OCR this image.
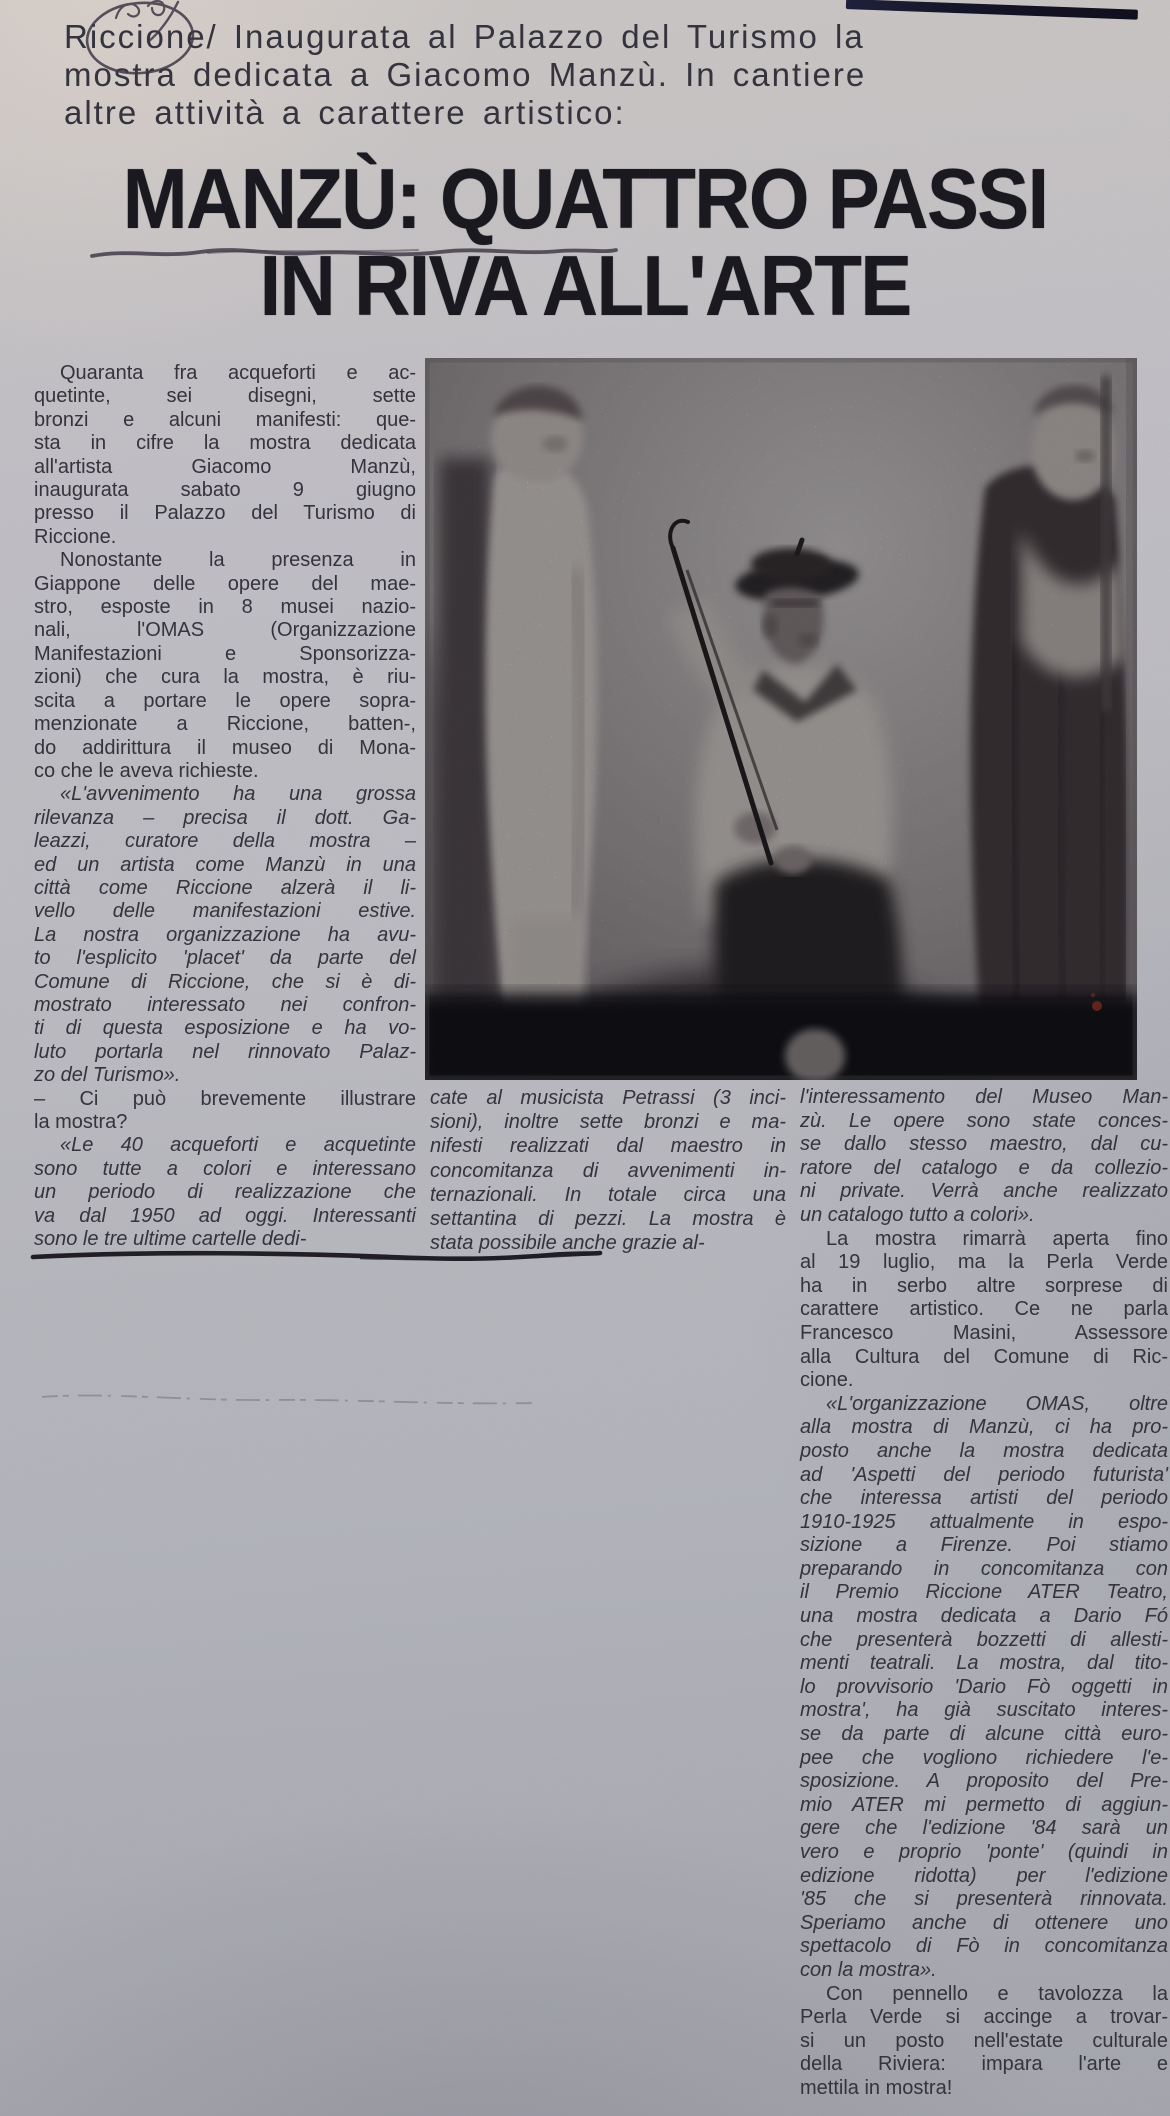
Riccione/ Inaugurata al Palazzo del Turismo la
mostra dedicata a Giacomo Manzù. In cantiere
altre attività a carattere artistico:
MANZÙ: QUATTRO PASSI
IN RIVA ALL'ARTE
Quaranta fra acqueforti e ac-
quetinte, sei disegni, sette
bronzi e alcuni manifesti: que-
sta in cifre la mostra dedicata
all'artista Giacomo Manzù,
inaugurata sabato 9 giugno
presso il Palazzo del Turismo di
Riccione.
Nonostante la presenza in
Giappone delle opere del mae-
stro, esposte in 8 musei nazio-
nali, l'OMAS (Organizzazione
Manifestazioni e Sponsorizza-
zioni) che cura la mostra, è riu-
scita a portare le opere sopra-
menzionate a Riccione, batten-,
do addirittura il museo di Mona-
co che le aveva richieste.
«L'avvenimento ha una grossa
rilevanza – precisa il dott. Ga-
leazzi, curatore della mostra –
ed un artista come Manzù in una
città come Riccione alzerà il li-
vello delle manifestazioni estive.
La nostra organizzazione ha avu-
to l'esplicito 'placet' da parte del
Comune di Riccione, che si è di-
mostrato interessato nei confron-
ti di questa esposizione e ha vo-
luto portarla nel rinnovato Palaz-
zo del Turismo».
– Ci può brevemente illustrare
la mostra?
«Le 40 acqueforti e acquetinte
sono tutte a colori e interessano
un periodo di realizzazione che
va dal 1950 ad oggi. Interessanti
sono le tre ultime cartelle dedi-
cate al musicista Petrassi (3 inci-
sioni), inoltre sette bronzi e ma-
nifesti realizzati dal maestro in
concomitanza di avvenimenti in-
ternazionali. In totale circa una
settantina di pezzi. La mostra è
stata possibile anche grazie al-
l'interessamento del Museo Man-
zù. Le opere sono state conces-
se dallo stesso maestro, dal cu-
ratore del catalogo e da collezio-
ni private. Verrà anche realizzato
un catalogo tutto a colori».
La mostra rimarrà aperta fino
al 19 luglio, ma la Perla Verde
ha in serbo altre sorprese di
carattere artistico. Ce ne parla
Francesco Masini, Assessore
alla Cultura del Comune di Ric-
cione.
«L'organizzazione OMAS, oltre
alla mostra di Manzù, ci ha pro-
posto anche la mostra dedicata
ad 'Aspetti del periodo futurista'
che interessa artisti del periodo
1910-1925 attualmente in espo-
sizione a Firenze. Poi stiamo
preparando in concomitanza con
il Premio Riccione ATER Teatro,
una mostra dedicata a Dario Fó
che presenterà bozzetti di allesti-
menti teatrali. La mostra, dal tito-
lo provvisorio 'Dario Fò oggetti in
mostra', ha già suscitato interes-
se da parte di alcune città euro-
pee che vogliono richiedere l'e-
sposizione. A proposito del Pre-
mio ATER mi permetto di aggiun-
gere che l'edizione '84 sarà un
vero e proprio 'ponte' (quindi in
edizione ridotta) per l'edizione
'85 che si presenterà rinnovata.
Speriamo anche di ottenere uno
spettacolo di Fò in concomitanza
con la mostra».
Con pennello e tavolozza la
Perla Verde si accinge a trovar-
si un posto nell'estate culturale
della Riviera: impara l'arte e
mettila in mostra!
